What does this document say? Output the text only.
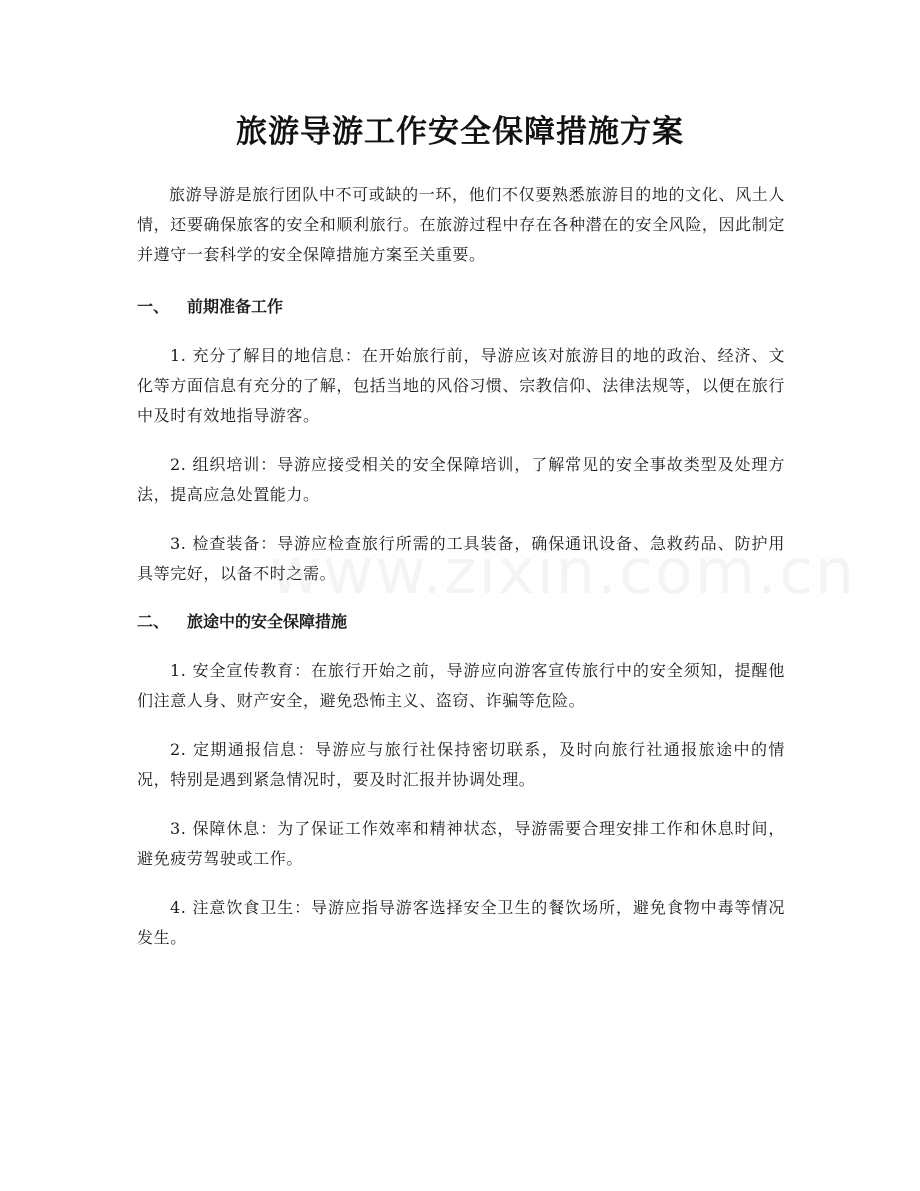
旅游导游工作安全保障措施方案

旅游导游是旅行团队中不可或缺的一环，他们不仅要熟悉旅游目的地的文化、风土人情，还要确保旅客的安全和顺利旅行。在旅游过程中存在各种潜在的安全风险，因此制定并遵守一套科学的安全保障措施方案至关重要。

一、	前期准备工作

1. 充分了解目的地信息：在开始旅行前，导游应该对旅游目的地的政治、经济、文化等方面信息有充分的了解，包括当地的风俗习惯、宗教信仰、法律法规等，以便在旅行中及时有效地指导游客。

2. 组织培训：导游应接受相关的安全保障培训，了解常见的安全事故类型及处理方法，提高应急处置能力。

3. 检查装备：导游应检查旅行所需的工具装备，确保通讯设备、急救药品、防护用具等完好，以备不时之需。

二、	旅途中的安全保障措施

1. 安全宣传教育：在旅行开始之前，导游应向游客宣传旅行中的安全须知，提醒他们注意人身、财产安全，避免恐怖主义、盗窃、诈骗等危险。

2. 定期通报信息：导游应与旅行社保持密切联系，及时向旅行社通报旅途中的情况，特别是遇到紧急情况时，要及时汇报并协调处理。

3. 保障休息：为了保证工作效率和精神状态，导游需要合理安排工作和休息时间，避免疲劳驾驶或工作。

4. 注意饮食卫生：导游应指导游客选择安全卫生的餐饮场所，避免食物中毒等情况发生。
